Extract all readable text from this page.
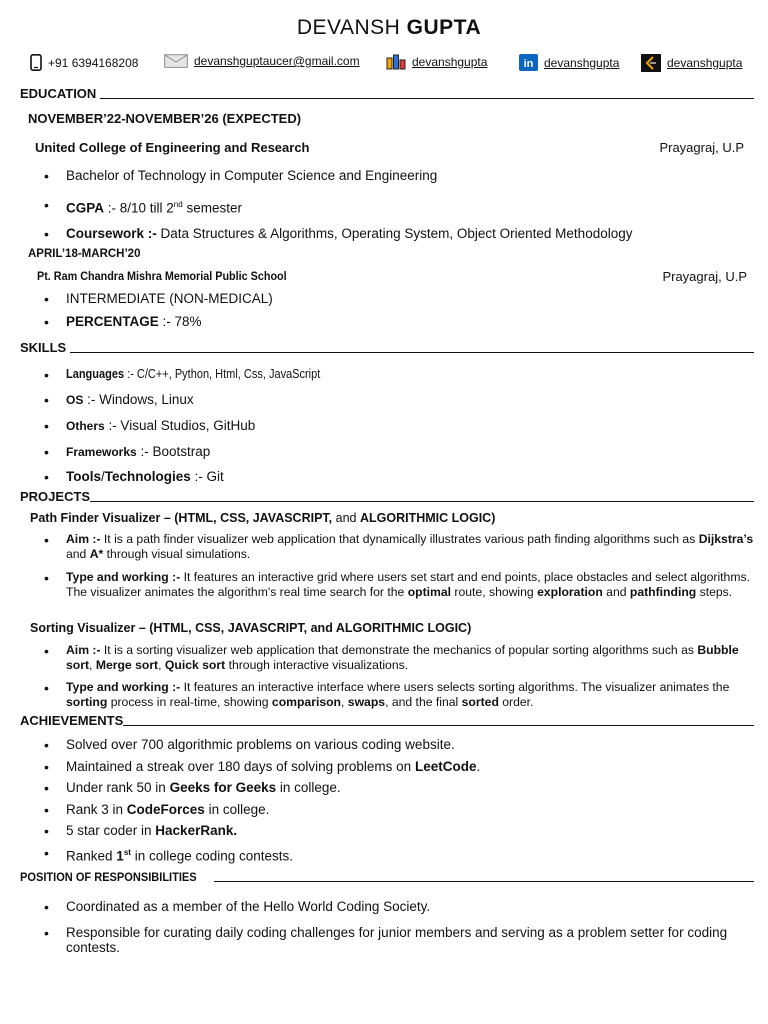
DEVANSH GUPTA
+91 6394168208	devanshguptaucer@gmail.com	devanshgupta	in devanshgupta	devanshgupta
EDUCATION
NOVEMBER’22-NOVEMBER’26 (EXPECTED)
United College of Engineering and Research	Prayagraj, U.P
Bachelor of Technology in Computer Science and Engineering
CGPA :- 8/10 till 2nd semester
Coursework :- Data Structures & Algorithms, Operating System, Object Oriented Methodology
APRIL’18-MARCH’20
Pt. Ram Chandra Mishra Memorial Public School	Prayagraj, U.P
INTERMEDIATE (NON-MEDICAL)
PERCENTAGE :- 78%
SKILLS
Languages :- C/C++, Python, Html, Css, JavaScript
OS :- Windows, Linux
Others :- Visual Studios, GitHub
Frameworks :- Bootstrap
Tools/Technologies :- Git
PROJECTS
Path Finder Visualizer – (HTML, CSS, JAVASCRIPT, and ALGORITHMIC LOGIC)
Aim :- It is a path finder visualizer web application that dynamically illustrates various path finding algorithms such as Dijkstra’s and A* through visual simulations.
Type and working :- It features an interactive grid where users set start and end points, place obstacles and select algorithms. The visualizer animates the algorithm's real time search for the optimal route, showing exploration and pathfinding steps.
Sorting Visualizer – (HTML, CSS, JAVASCRIPT, and ALGORITHMIC LOGIC)
Aim :- It is a sorting visualizer web application that demonstrate the mechanics of popular sorting algorithms such as Bubble sort, Merge sort, Quick sort through interactive visualizations.
Type and working :- It features an interactive interface where users selects sorting algorithms. The visualizer animates the sorting process in real-time, showing comparison, swaps, and the final sorted order.
ACHIEVEMENTS
Solved over 700 algorithmic problems on various coding website.
Maintained a streak over 180 days of solving problems on LeetCode.
Under rank 50 in Geeks for Geeks in college.
Rank 3 in CodeForces in college.
5 star coder in HackerRank.
Ranked 1st in college coding contests.
POSITION OF RESPONSIBILITIES
Coordinated as a member of the Hello World Coding Society.
Responsible for curating daily coding challenges for junior members and serving as a problem setter for coding contests.
